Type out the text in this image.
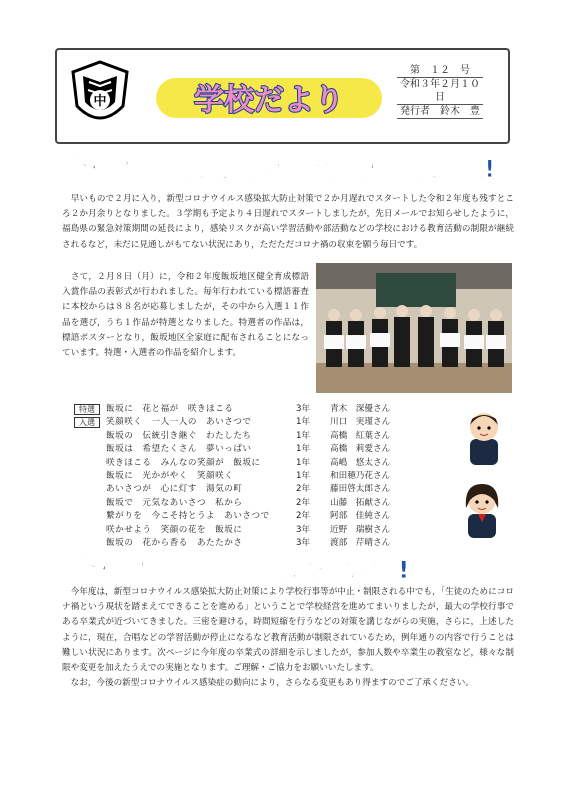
中	学校だより
第　１２　号
令和３年２月１０日
発行者　鈴木　豊
令和２年度飯坂地区健全育成標語表彰式!
　早いもので２月に入り，新型コロナウイルス感染拡大防止対策で２か月遅れでスタートした令和２年度も残すところ２か月余りとなりました。３学期も予定より４日遅れでスタートしましたが，先日メールでお知らせしたように，福島県の緊急対策期間の延長により，感染リスクが高い学習活動や部活動などの学校における教育活動の制限が継続されるなど，未だに見通しがもてない状況にあり，ただただコロナ禍の収束を願う毎日です。
　さて，２月８日（月）に，令和２年度飯坂地区健全育成標語入賞作品の表彰式が行われました。毎年行われている標語審査に本校からは８８名が応募しましたが，その中から入選１１作品を選び，うち１作品が特選となりました。特選者の作品は，標語ポスターとなり，飯坂地区全家庭に配布されることになっています。特選・入選者の作品を紹介します。
特選	飯坂に　花と福が　咲きほこる	3年	青木　深優さん
入選	笑顔咲く　一人一人の　あいさつで	1年	川口　実瑾さん
飯坂の　伝統引き継ぐ　わたしたち	1年	高橋　紅葉さん
飯坂は　希望たくさん　夢いっぱい	1年	高橋　莉愛さん
咲きほこる　みんなの笑顔が　飯坂に	1年	高嶋　悠太さん
飯坂に　光かがやく　笑顔咲く	1年	和田穂乃花さん
あいさつが　心に灯す　湯気の町	2年	藤田啓太郎さん
飯坂で　元気なあいさつ　私から	2年	山藤　拓献さん
繋がりを　今こそ持とうよ　あいさつで	2年	阿部　佳純さん
咲かせよう　笑顔の花を　飯坂に	3年	近野　瑞樹さん
飯坂の　花から香る　あたたかさ	3年	渡部　芹晴さん
令和２年度卒業式について!
　今年度は，新型コロナウイルス感染拡大防止対策により学校行事等が中止・制限される中でも，「生徒のためにコロナ禍という現状を踏まえてできることを進める」ということで学校経営を進めてまいりましたが，最大の学校行事である卒業式が近づいてきました。三密を避ける，時間短縮を行うなどの対策を講じながらの実施，さらに，上述したように，現在，合唱などの学習活動が停止になるなど教育活動が制限されているため，例年通りの内容で行うことは難しい状況にあります。次ページに今年度の卒業式の詳細を示しましたが，参加人数や卒業生の教室など，様々な制限や変更を加えたうえでの実施となります。ご理解・ご協力をお願いいたします。
　なお，今後の新型コロナウイルス感染症の動向により，さらなる変更もあり得ますのでご了承ください。
